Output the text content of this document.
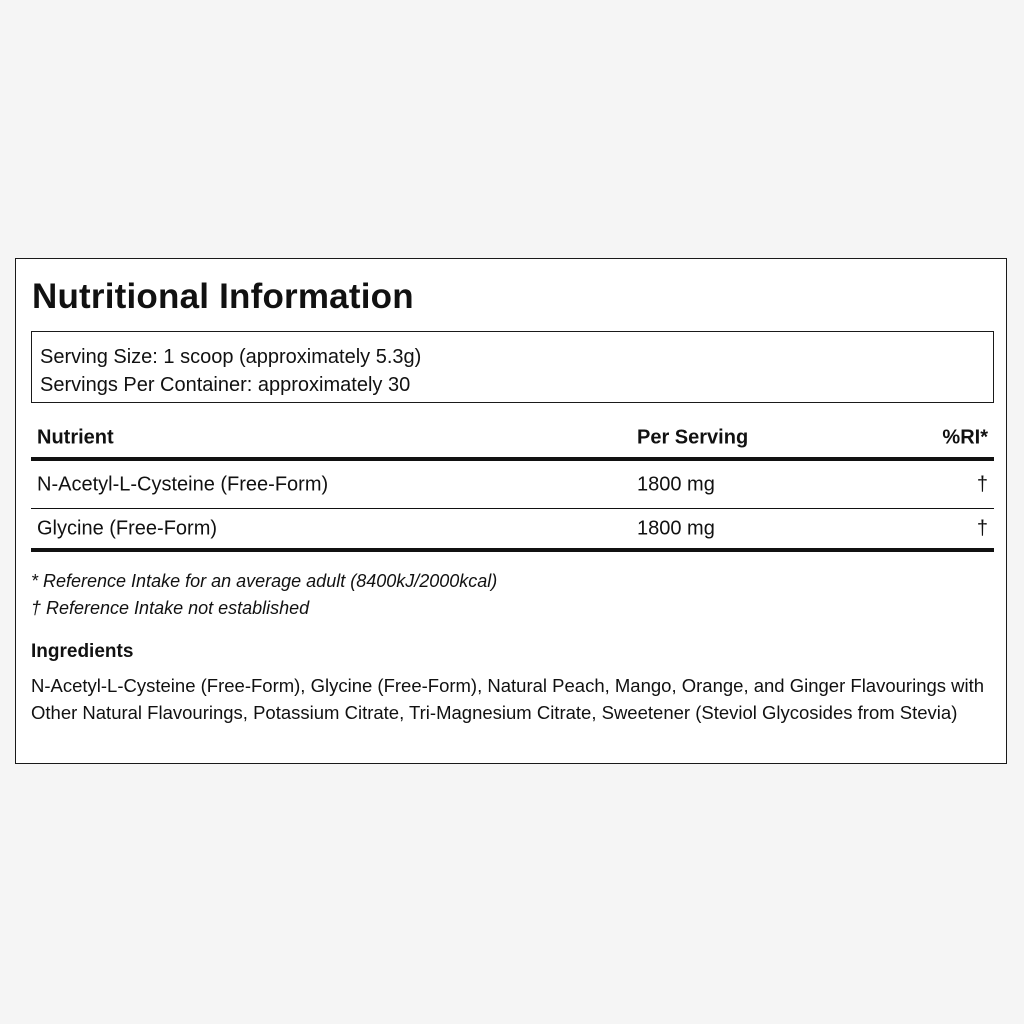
Nutritional Information
Serving Size: 1 scoop (approximately 5.3g)
Servings Per Container: approximately 30
Nutrient	Per Serving	%RI*
N-Acetyl-L-Cysteine (Free-Form)	1800 mg	†
Glycine (Free-Form)	1800 mg	†
* Reference Intake for an average adult (8400kJ/2000kcal)
† Reference Intake not established
Ingredients
N-Acetyl-L-Cysteine (Free-Form), Glycine (Free-Form), Natural Peach, Mango, Orange, and Ginger Flavourings with Other Natural Flavourings, Potassium Citrate, Tri-Magnesium Citrate, Sweetener (Steviol Glycosides from Stevia)
